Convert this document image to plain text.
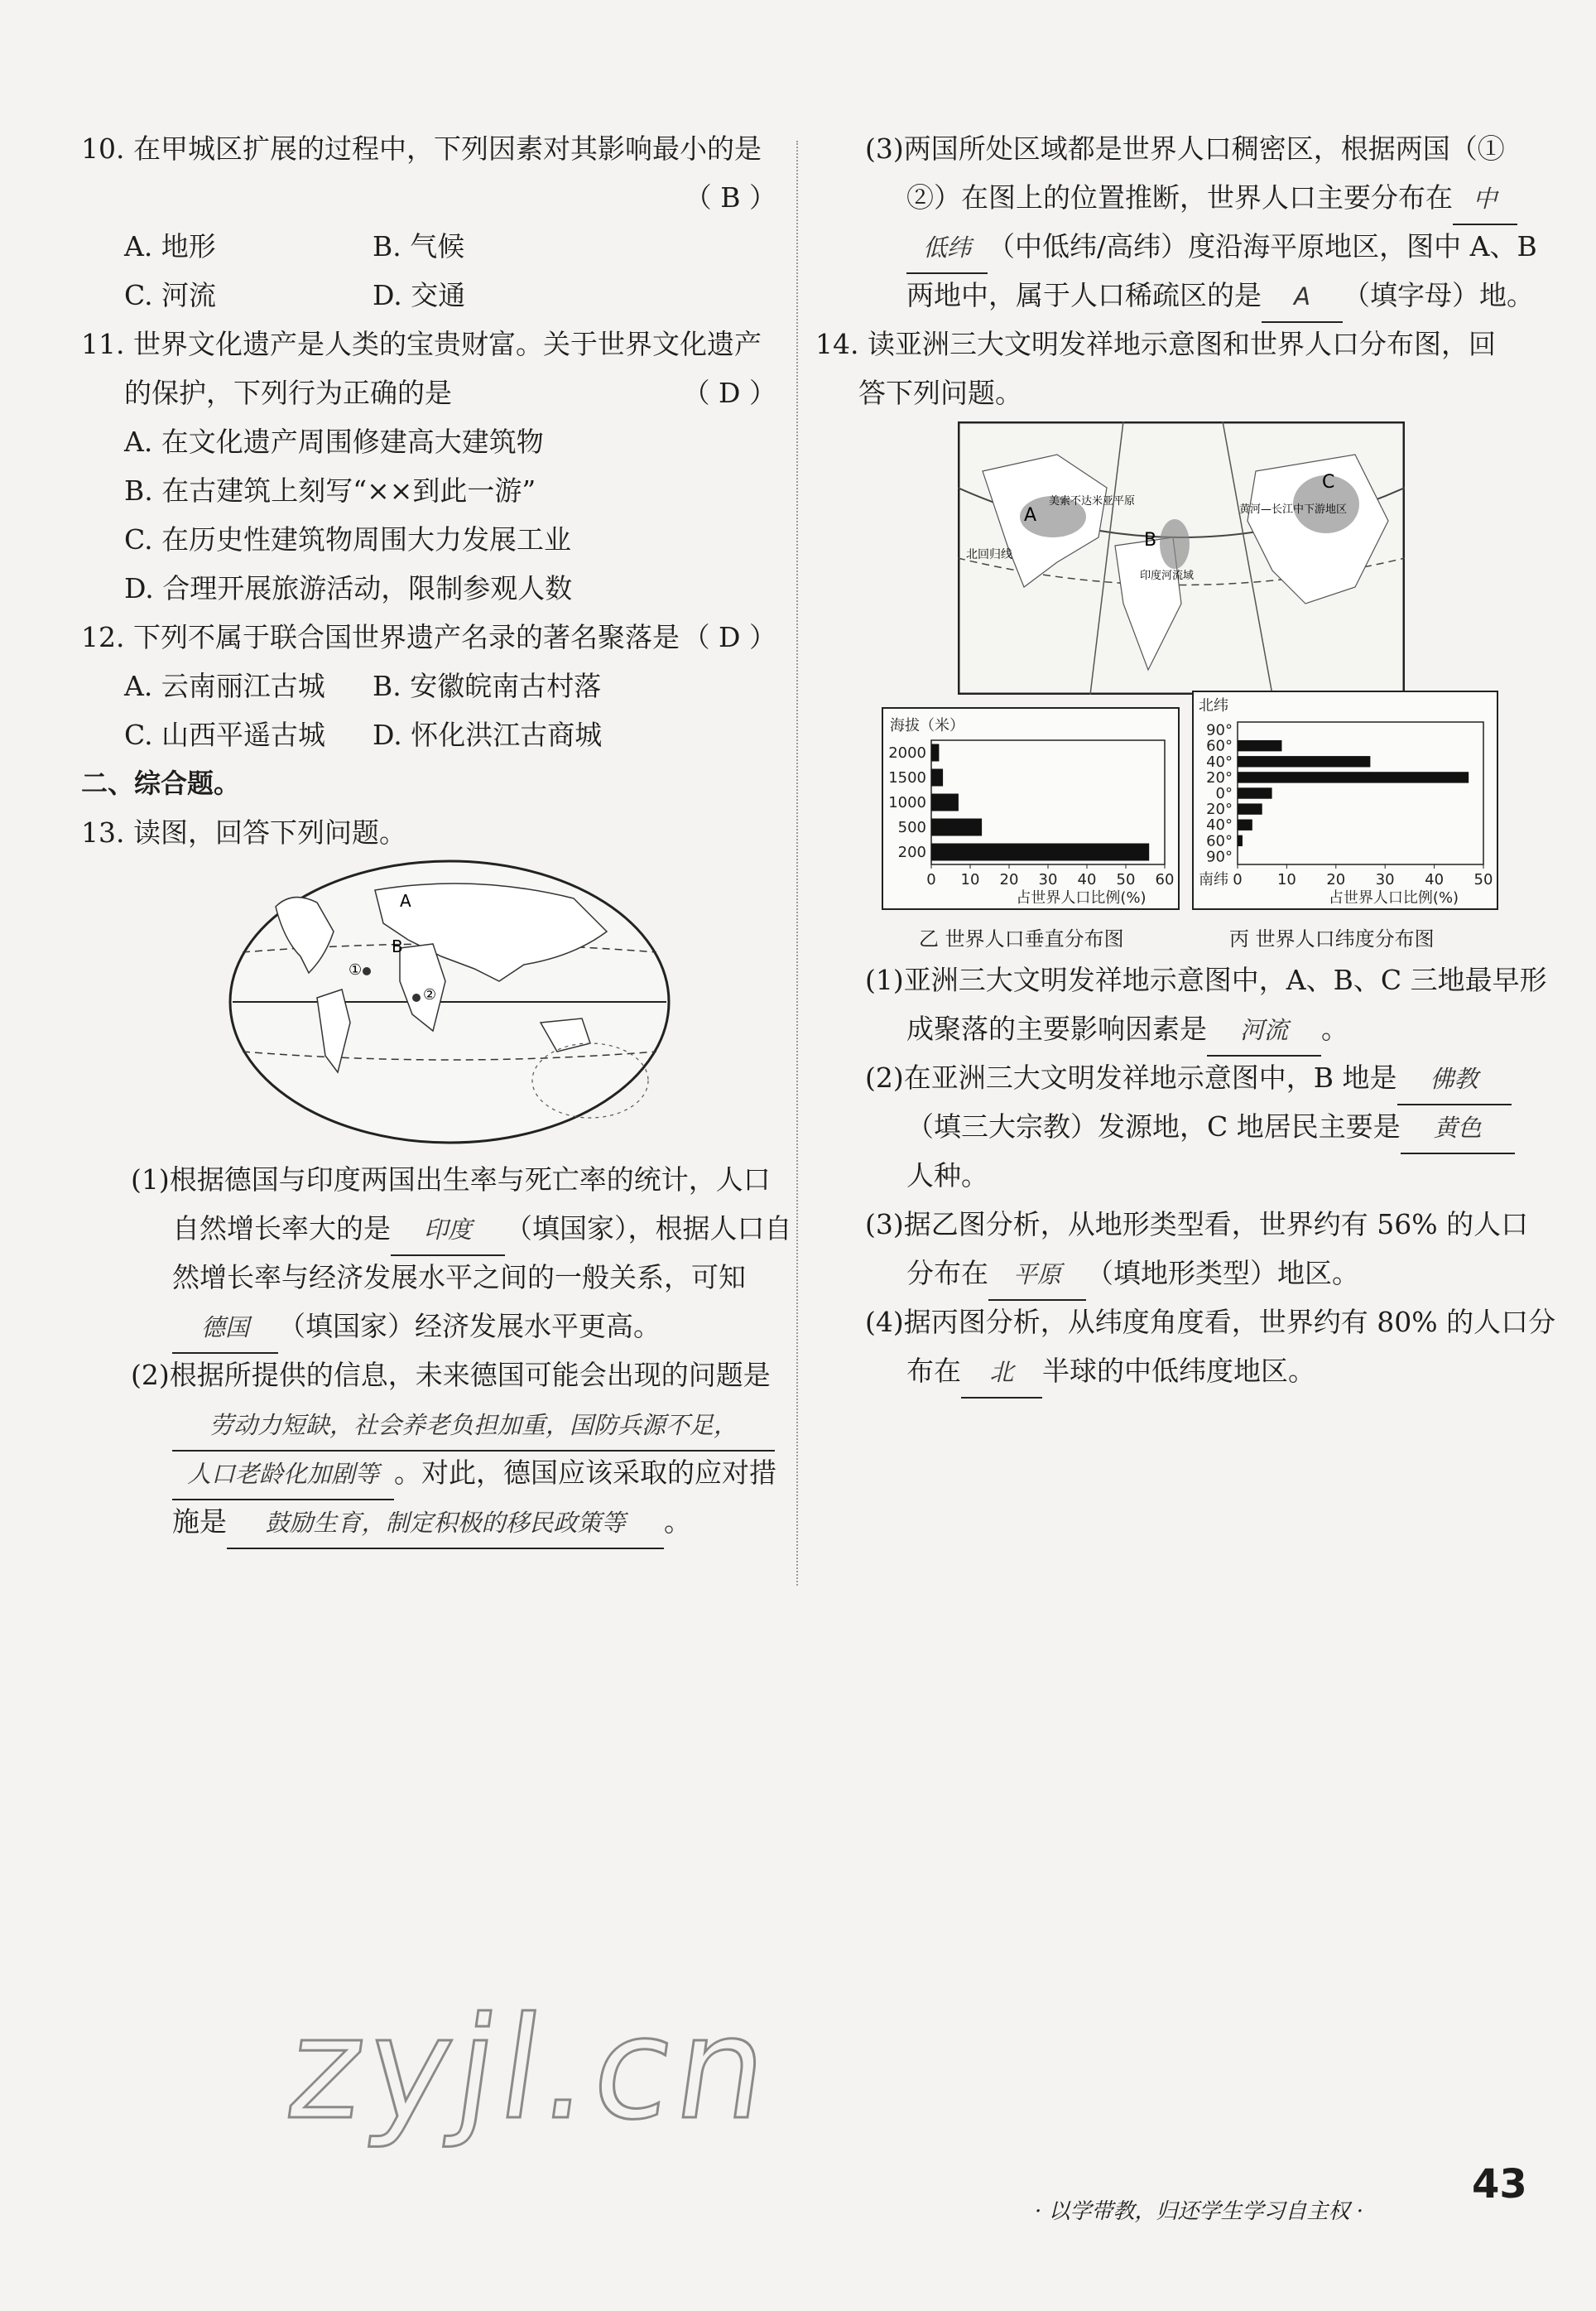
10. 在甲城区扩展的过程中，下列因素对其影响最小的是
（ B ）
A. 地形	B. 气候
C. 河流	D. 交通
11. 世界文化遗产是人类的宝贵财富。关于世界文化遗产
的保护，下列行为正确的是	（ D ）
A. 在文化遗产周围修建高大建筑物
B. 在古建筑上刻写“××到此一游”
C. 在历史性建筑物周围大力发展工业
D. 合理开展旅游活动，限制参观人数
12. 下列不属于联合国世界遗产名录的著名聚落是 （ D ）
A. 云南丽江古城	B. 安徽皖南古村落
C. 山西平遥古城	D. 怀化洪江古商城
二、综合题。
13. 读图，回答下列问题。
A
B
①
②
(1)根据德国与印度两国出生率与死亡率的统计，人口
自然增长率大的是 印度 （填国家），根据人口自
然增长率与经济发展水平之间的一般关系，可知
德国 （填国家）经济发展水平更高。
(2)根据所提供的信息，未来德国可能会出现的问题是
劳动力短缺，社会养老负担加重，国防兵源不足，
人口老龄化加剧等 。对此，德国应该采取的应对措
施是 鼓励生育，制定积极的移民政策等 。
(3)两国所处区域都是世界人口稠密区，根据两国（①
②）在图上的位置推断，世界人口主要分布在 中
低纬 （中低纬/高纬）度沿海平原地区，图中 A、B
两地中，属于人口稀疏区的是 A （填字母）地。
14. 读亚洲三大文明发祥地示意图和世界人口分布图，回
答下列问题。
A
美索不达米亚平原
B
印度河流域
C
黄河—长江中下游地区
北回归线
2000
1500
1000
500
200
0 10 20 30 40 50 60
占世界人口比例(%)
海拔（米）	90°
60°
40°
20°
0°
20°
40°
60°
90°
0 10 20 30 40 50
占世界人口比例(%)
北纬
南纬
乙 世界人口垂直分布图	丙 世界人口纬度分布图
(1)亚洲三大文明发祥地示意图中，A、B、C 三地最早形
成聚落的主要影响因素是 河流 。
(2)在亚洲三大文明发祥地示意图中，B 地是 佛教
（填三大宗教）发源地，C 地居民主要是 黄色
人种。
(3)据乙图分析，从地形类型看，世界约有 56% 的人口
分布在 平原 （填地形类型）地区。
(4)据丙图分析，从纬度角度看，世界约有 80% 的人口分
布在 北 半球的中低纬度地区。
zyjl.cn
· 以学带教，归还学生学习自主权 ·
43
